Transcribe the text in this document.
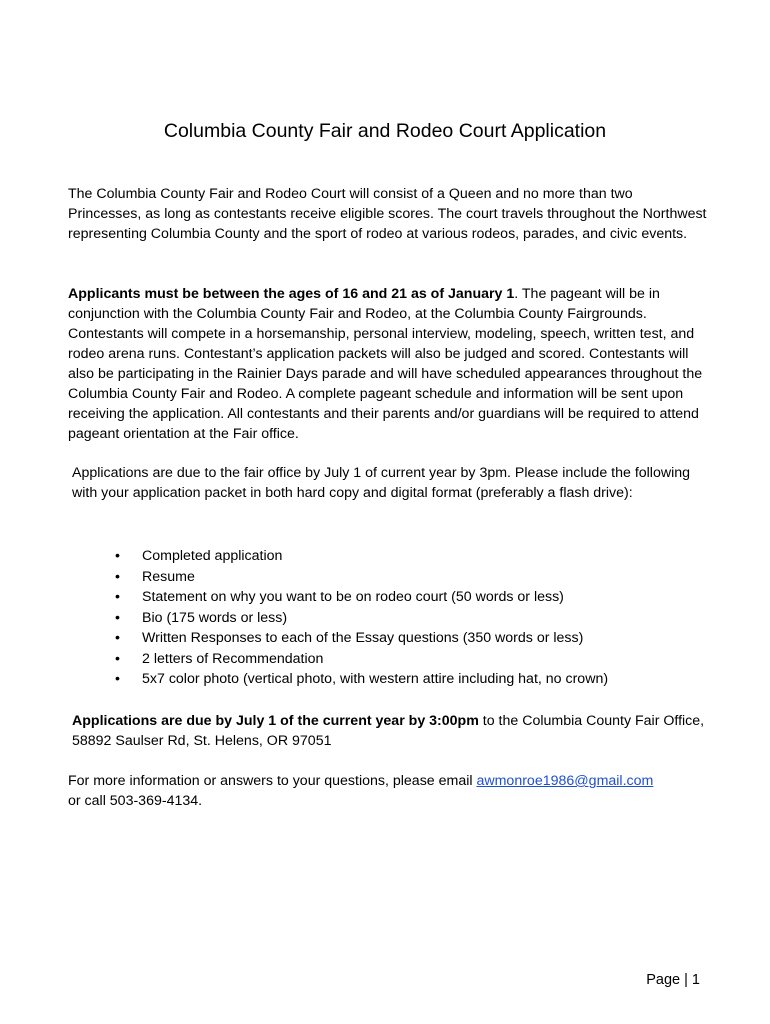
Columbia County Fair and Rodeo Court Application

The Columbia County Fair and Rodeo Court will consist of a Queen and no more than two Princesses, as long as contestants receive eligible scores. The court travels throughout the Northwest representing Columbia County and the sport of rodeo at various rodeos, parades, and civic events.

Applicants must be between the ages of 16 and 21 as of January 1. The pageant will be in conjunction with the Columbia County Fair and Rodeo, at the Columbia County Fairgrounds. Contestants will compete in a horsemanship, personal interview, modeling, speech, written test, and rodeo arena runs. Contestant’s application packets will also be judged and scored. Contestants will also be participating in the Rainier Days parade and will have scheduled appearances throughout the Columbia County Fair and Rodeo. A complete pageant schedule and information will be sent upon receiving the application. All contestants and their parents and/or guardians will be required to attend pageant orientation at the Fair office.

Applications are due to the fair office by July 1 of current year by 3pm. Please include the following with your application packet in both hard copy and digital format (preferably a flash drive):

• Completed application
• Resume
• Statement on why you want to be on rodeo court (50 words or less)
• Bio (175 words or less)
• Written Responses to each of the Essay questions (350 words or less)
• 2 letters of Recommendation
• 5x7 color photo (vertical photo, with western attire including hat, no crown)

Applications are due by July 1 of the current year by 3:00pm to the Columbia County Fair Office, 58892 Saulser Rd, St. Helens, OR 97051

For more information or answers to your questions, please email awmonroe1986@gmail.com
or call 503-369-4134.

Page | 1
